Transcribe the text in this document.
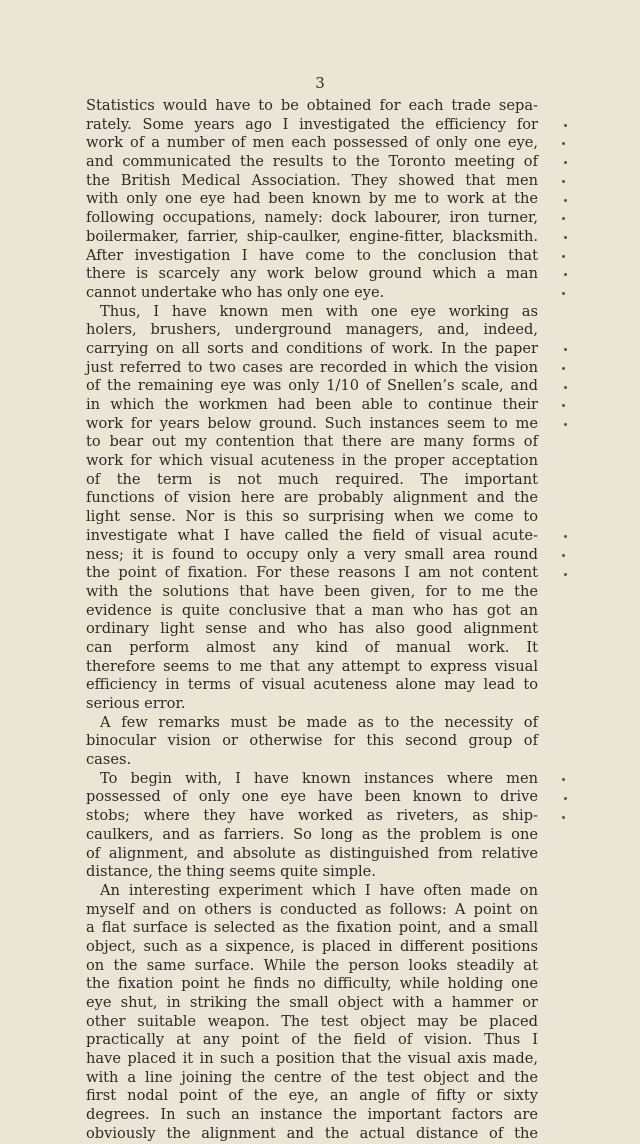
3
Statistics would have to be obtained for each trade sepa-
rately. Some years ago I investigated the efficiency for
work of a number of men each possessed of only one eye,
and communicated the results to the Toronto meeting of
the British Medical Association. They showed that men
with only one eye had been known by me to work at the
following occupations, namely: dock labourer, iron turner,
boilermaker, farrier, ship-caulker, engine-fitter, blacksmith.
After investigation I have come to the conclusion that
there is scarcely any work below ground which a man
cannot undertake who has only one eye.
Thus, I have known men with one eye working as
holers, brushers, underground managers, and, indeed,
carrying on all sorts and conditions of work. In the paper
just referred to two cases are recorded in which the vision
of the remaining eye was only 1/10 of Snellen’s scale, and
in which the workmen had been able to continue their
work for years below ground. Such instances seem to me
to bear out my contention that there are many forms of
work for which visual acuteness in the proper acceptation
of the term is not much required. The important
functions of vision here are probably alignment and the
light sense. Nor is this so surprising when we come to
investigate what I have called the field of visual acute-
ness; it is found to occupy only a very small area round
the point of fixation. For these reasons I am not content
with the solutions that have been given, for to me the
evidence is quite conclusive that a man who has got an
ordinary light sense and who has also good alignment
can perform almost any kind of manual work. It
therefore seems to me that any attempt to express visual
efficiency in terms of visual acuteness alone may lead to
serious error.
A few remarks must be made as to the necessity of
binocular vision or otherwise for this second group of
cases.
To begin with, I have known instances where men
possessed of only one eye have been known to drive
stobs; where they have worked as riveters, as ship-
caulkers, and as farriers. So long as the problem is one
of alignment, and absolute as distinguished from relative
distance, the thing seems quite simple.
An interesting experiment which I have often made on
myself and on others is conducted as follows: A point on
a flat surface is selected as the fixation point, and a small
object, such as a sixpence, is placed in different positions
on the same surface. While the person looks steadily at
the fixation point he finds no difficulty, while holding one
eye shut, in striking the small object with a hammer or
other suitable weapon. The test object may be placed
practically at any point of the field of vision. Thus I
have placed it in such a position that the visual axis made,
with a line joining the centre of the test object and the
first nodal point of the eye, an angle of fifty or sixty
degrees. In such an instance the important factors are
obviously the alignment and the actual distance of the
